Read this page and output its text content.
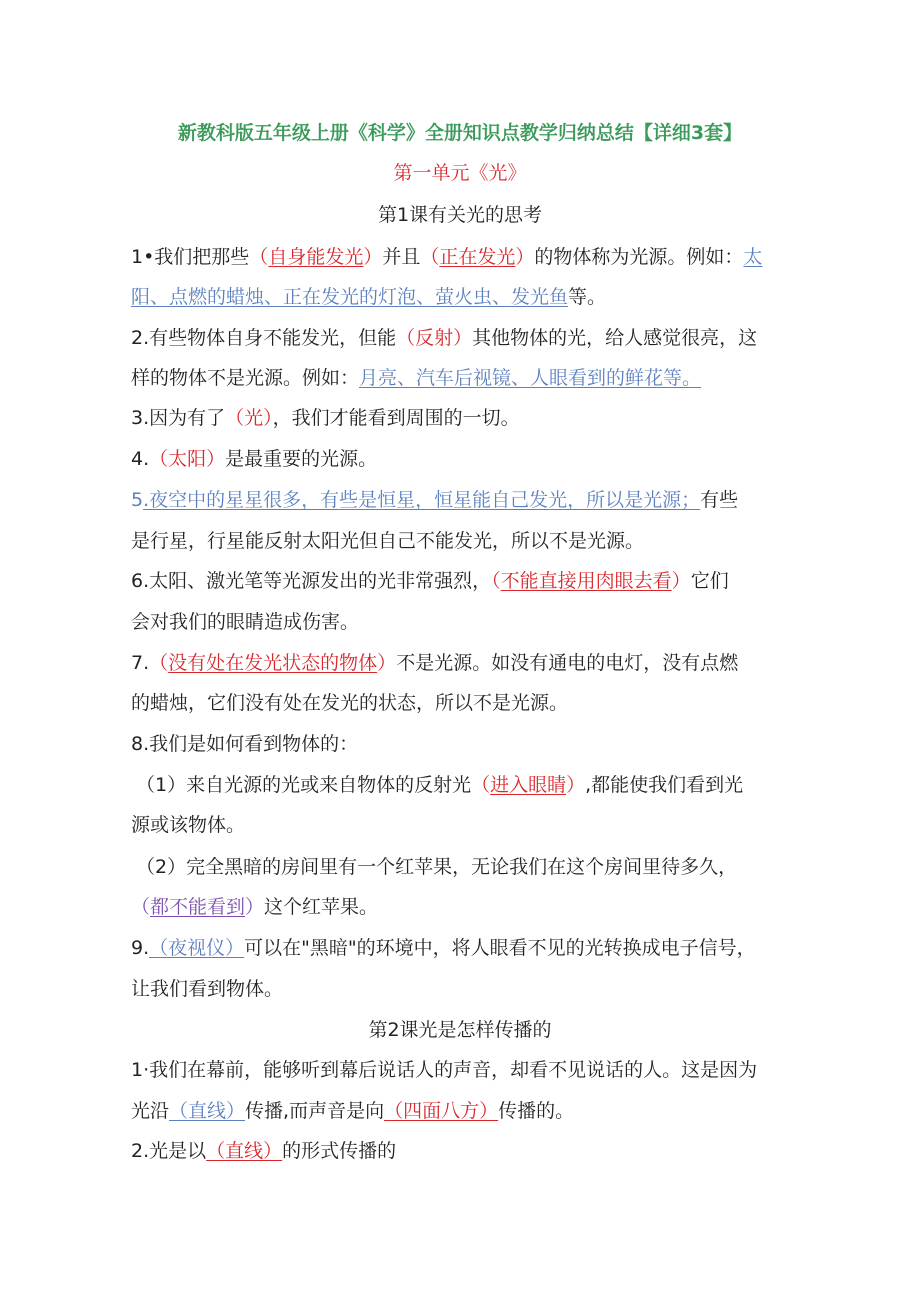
新教科版五年级上册《科学》全册知识点教学归纳总结【详细3套】
第一单元《光》
第1课有关光的思考
1•我们把那些（自身能发光）并且（正在发光）的物体称为光源。例如：太
阳、点燃的蜡烛、正在发光的灯泡、萤火虫、发光鱼等。
2.有些物体自身不能发光，但能（反射）其他物体的光，给人感觉很亮，这
样的物体不是光源。例如：月亮、汽车后视镜、人眼看到的鲜花等。
3.因为有了（光），我们才能看到周围的一切。
4.（太阳）是最重要的光源。
5.夜空中的星星很多，有些是恒星，恒星能自己发光，所以是光源；有些
是行星，行星能反射太阳光但自己不能发光，所以不是光源。
6.太阳、激光笔等光源发出的光非常强烈，（不能直接用肉眼去看）它们
会对我们的眼睛造成伤害。
7.（没有处在发光状态的物体）不是光源。如没有通电的电灯，没有点燃
的蜡烛，它们没有处在发光的状态，所以不是光源。
8.我们是如何看到物体的：
（1）来自光源的光或来自物体的反射光（进入眼睛）,都能使我们看到光
源或该物体。
（2）完全黑暗的房间里有一个红苹果，无论我们在这个房间里待多久，
（都不能看到）这个红苹果。
9.（夜视仪）可以在"黑暗"的环境中，将人眼看不见的光转换成电子信号，
让我们看到物体。
第2课光是怎样传播的
1·我们在幕前，能够听到幕后说话人的声音，却看不见说话的人。这是因为
光沿（直线）传播,而声音是向（四面八方）传播的。
2.光是以（直线）的形式传播的
